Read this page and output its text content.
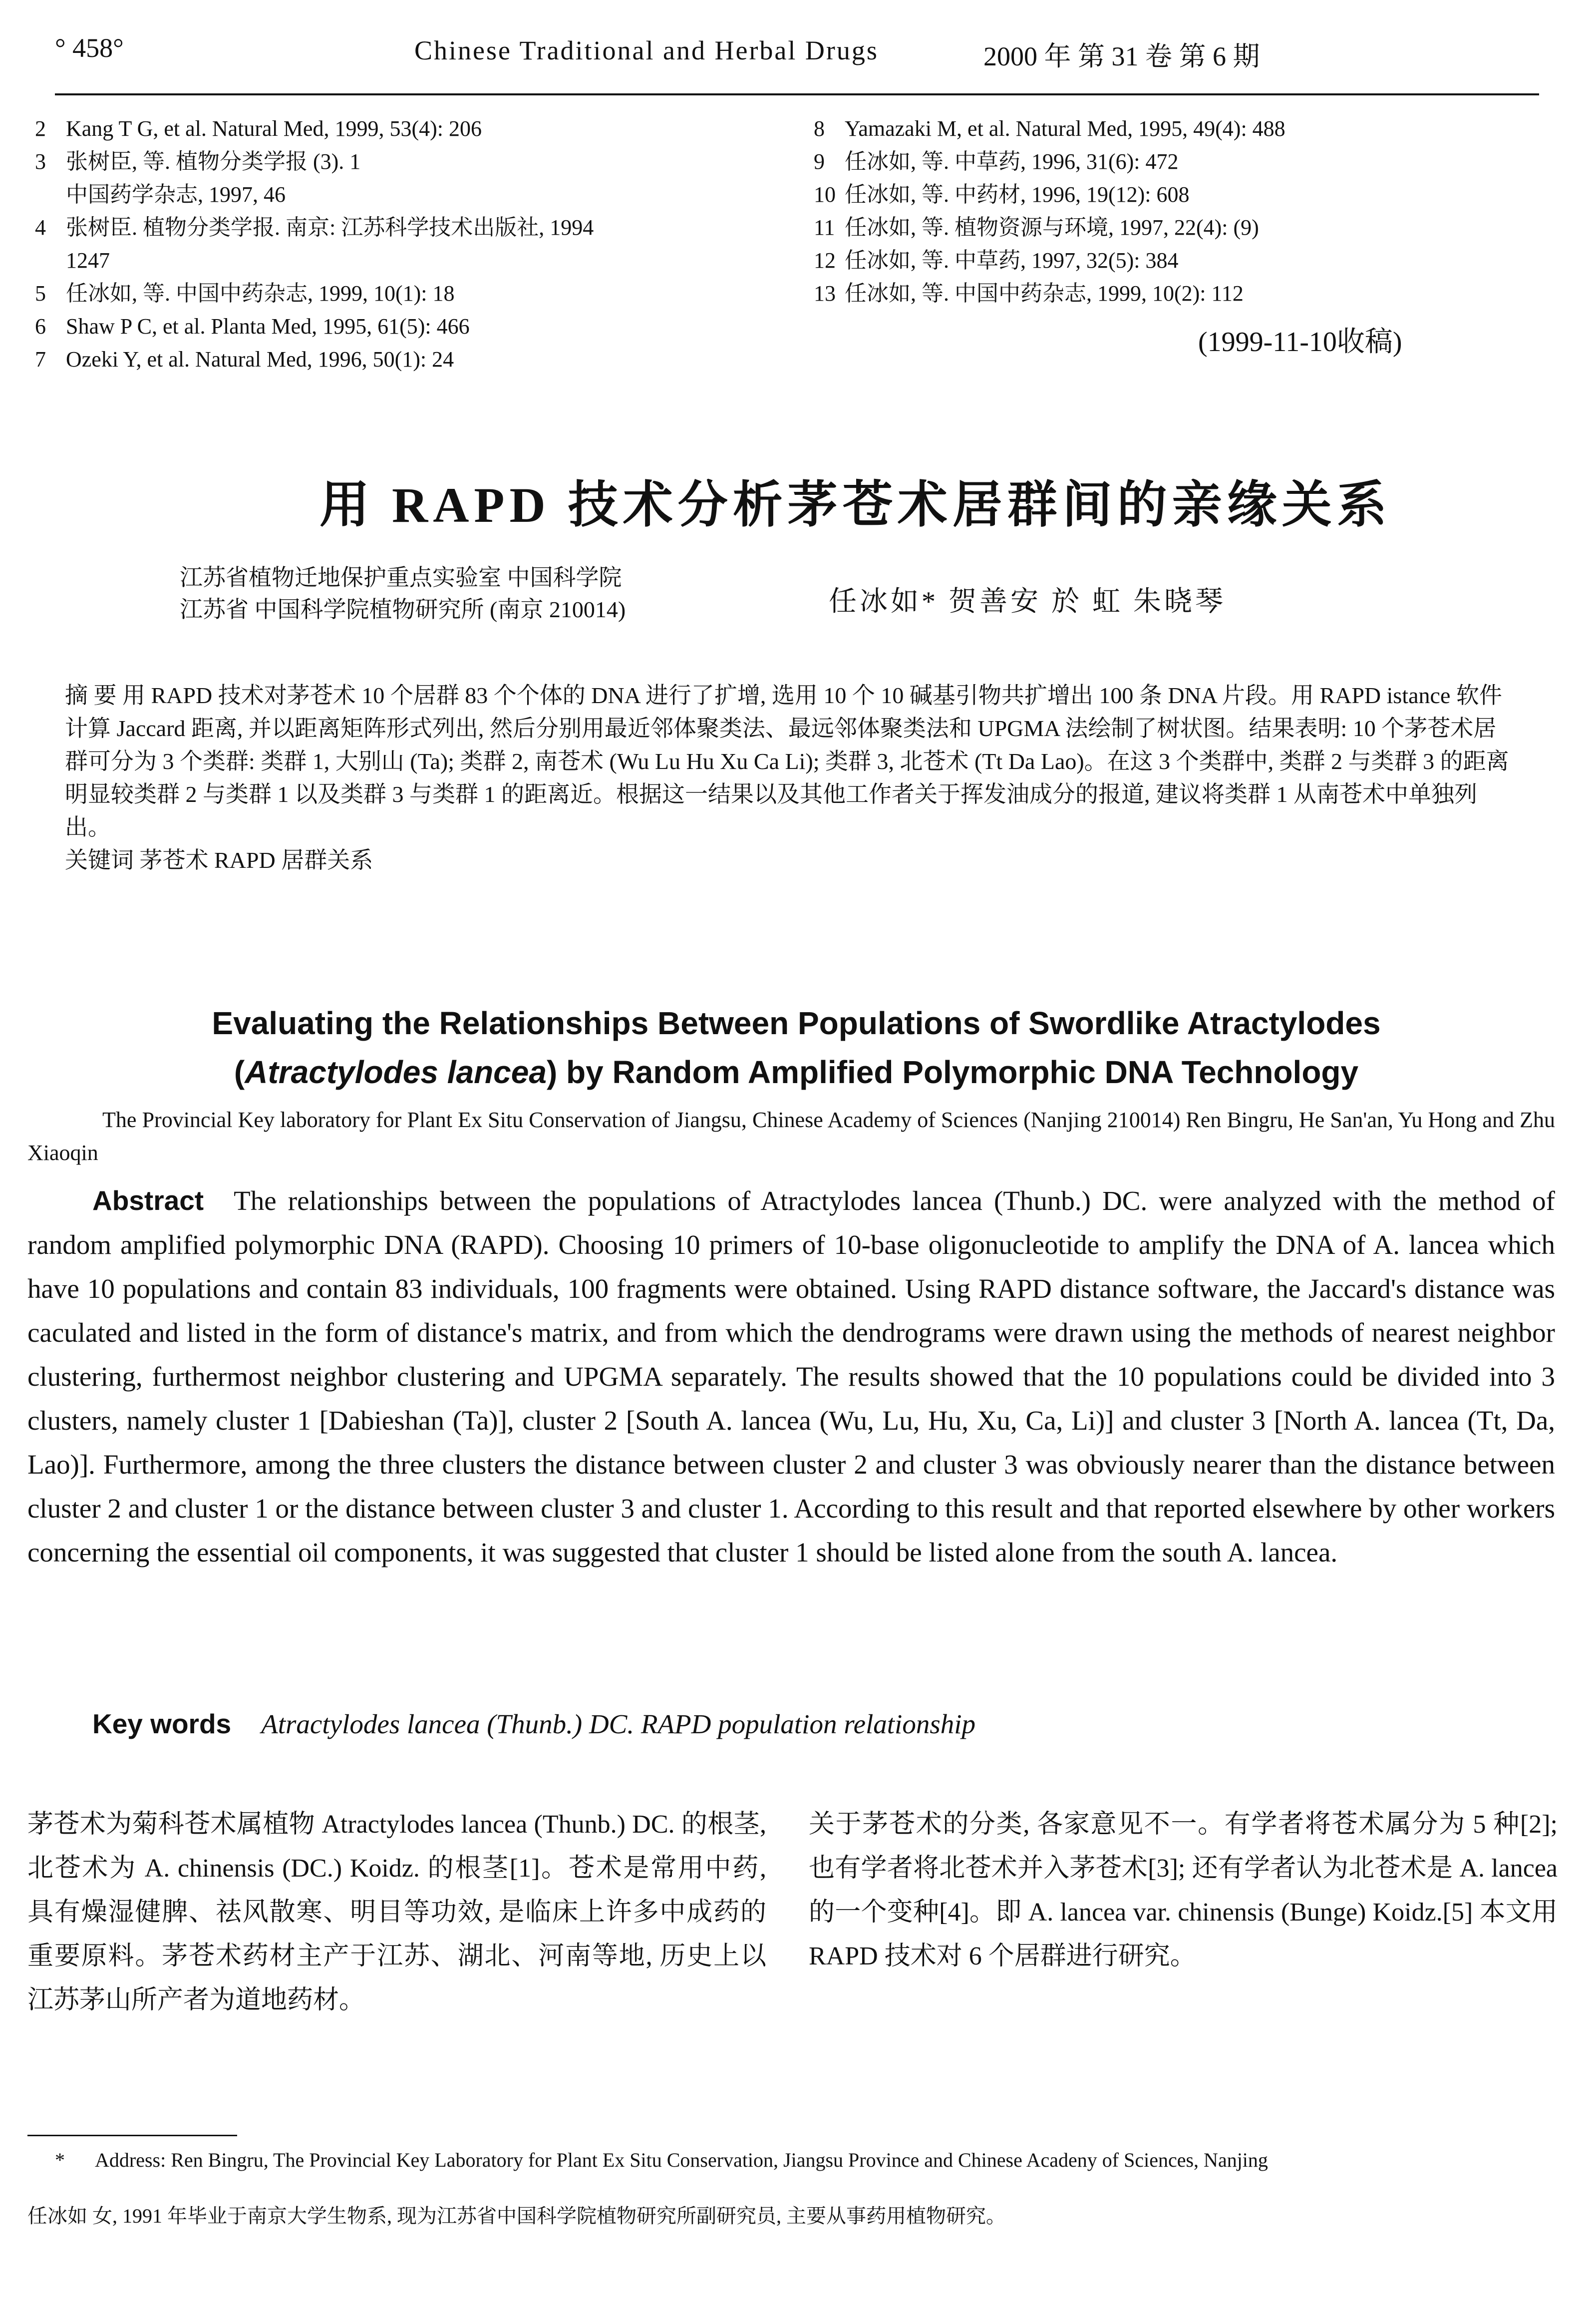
° 458°	Chinese Traditional and Herbal Drugs	2000 年 第 31 卷 第 6 期
2 Kang T G, et al. Natural Med, 1999, 53(4): 206
3 张树臣, 等. 植物分类学报 (3). 1
中国药学杂志, 1997, 46
4 张树臣. 植物分类学报. 南京: 江苏科学技术出版社, 1994
1247
5 任冰如, 等. 中国中药杂志, 1999, 10(1): 18
6 Shaw P C, et al. Planta Med, 1995, 61(5): 466
7 Ozeki Y, et al. Natural Med, 1996, 50(1): 24
8 Yamazaki M, et al. Natural Med, 1995, 49(4): 488
9 任冰如, 等. 中草药, 1996, 31(6): 472
10 任冰如, 等. 中药材, 1996, 19(12): 608
11 任冰如, 等. 植物资源与环境, 1997, 22(4): (9)
12 任冰如, 等. 中草药, 1997, 32(5): 384
13 任冰如, 等. 中国中药杂志, 1999, 10(2): 112
(1999-11-10收稿)
用 RAPD 技术分析茅苍术居群间的亲缘关系
江苏省植物迁地保护重点实验室 中国科学院
江苏省 中国科学院植物研究所 (南京 210014)	任冰如* 贺善安 於 虹 朱晓琴
摘 要 用 RAPD 技术对茅苍术 10 个居群 83 个个体的 DNA 进行了扩增, 选用 10 个 10 碱基引物共扩增出 100 条 DNA 片段。用 RAPD istance 软件计算 Jaccard 距离, 并以距离矩阵形式列出, 然后分别用最近邻体聚类法、最远邻体聚类法和 UPGMA 法绘制了树状图。结果表明: 10 个茅苍术居群可分为 3 个类群: 类群 1, 大别山 (Ta); 类群 2, 南苍术 (Wu Lu Hu Xu Ca Li); 类群 3, 北苍术 (Tt Da Lao)。在这 3 个类群中, 类群 2 与类群 3 的距离明显较类群 2 与类群 1 以及类群 3 与类群 1 的距离近。根据这一结果以及其他工作者关于挥发油成分的报道, 建议将类群 1 从南苍术中单独列出。
关键词 茅苍术 RAPD 居群关系
Evaluating the Relationships Between Populations of Swordlike Atractylodes
(Atractylodes lancea) by Random Amplified Polymorphic DNA Technology
The Provincial Key laboratory for Plant Ex Situ Conservation of Jiangsu, Chinese Academy of Sciences (Nanjing 210014) Ren Bingru, He San'an, Yu Hong and Zhu Xiaoqin
Abstract The relationships between the populations of Atractylodes lancea (Thunb.) DC. were analyzed with the method of random amplified polymorphic DNA (RAPD). Choosing 10 primers of 10-base oligonucleotide to amplify the DNA of A. lancea which have 10 populations and contain 83 individuals, 100 fragments were obtained. Using RAPD distance software, the Jaccard's distance was caculated and listed in the form of distance's matrix, and from which the dendrograms were drawn using the methods of nearest neighbor clustering, furthermost neighbor clustering and UPGMA separately. The results showed that the 10 populations could be divided into 3 clusters, namely cluster 1 [Dabieshan (Ta)], cluster 2 [South A. lancea (Wu, Lu, Hu, Xu, Ca, Li)] and cluster 3 [North A. lancea (Tt, Da, Lao)]. Furthermore, among the three clusters the distance between cluster 2 and cluster 3 was obviously nearer than the distance between cluster 2 and cluster 1 or the distance between cluster 3 and cluster 1. According to this result and that reported elsewhere by other workers concerning the essential oil components, it was suggested that cluster 1 should be listed alone from the south A. lancea.
Key words Atractylodes lancea (Thunb.) DC. RAPD population relationship
茅苍术为菊科苍术属植物 Atractylodes lancea (Thunb.) DC. 的根茎, 北苍术为 A. chinensis (DC.) Koidz. 的根茎[1]。苍术是常用中药, 具有燥湿健脾、祛风散寒、明目等功效, 是临床上许多中成药的重要原料。茅苍术药材主产于江苏、湖北、河南等地, 历史上以江苏茅山所产者为道地药材。
关于茅苍术的分类, 各家意见不一。有学者将苍术属分为 5 种[2]; 也有学者将北苍术并入茅苍术[3]; 还有学者认为北苍术是 A. lancea 的一个变种[4]。即 A. lancea var. chinensis (Bunge) Koidz.[5] 本文用 RAPD 技术对 6 个居群进行研究。
* Address: Ren Bingru, The Provincial Key Laboratory for Plant Ex Situ Conservation, Jiangsu Province and Chinese Acadeny of Sciences, Nanjing
任冰如 女, 1991 年毕业于南京大学生物系, 现为江苏省中国科学院植物研究所副研究员, 主要从事药用植物研究。
